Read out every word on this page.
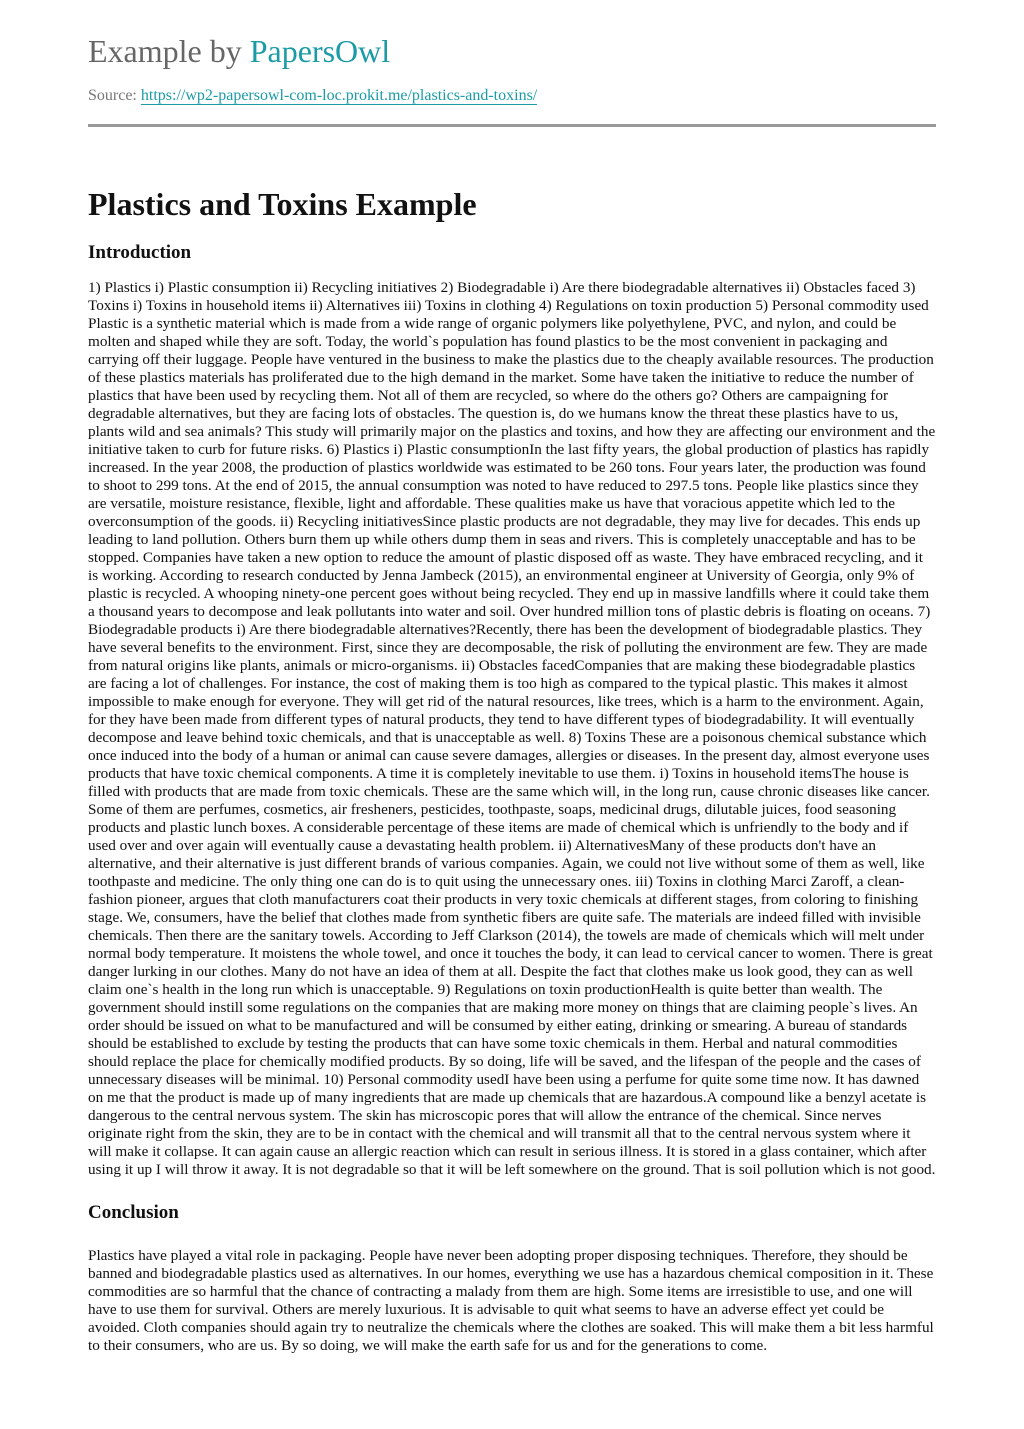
Example by PapersOwl
Source: https://wp2-papersowl-com-loc.prokit.me/plastics-and-toxins/
Plastics and Toxins Example
Introduction

1) Plastics i) Plastic consumption ii) Recycling initiatives 2) Biodegradable i) Are there biodegradable alternatives ii) Obstacles faced 3) Toxins i) Toxins in household items ii) Alternatives iii) Toxins in clothing 4) Regulations on toxin production 5) Personal commodity used Plastic is a synthetic material which is made from a wide range of organic polymers like polyethylene, PVC, and nylon, and could be molten and shaped while they are soft. Today, the world`s population has found plastics to be the most convenient in packaging and carrying off their luggage. People have ventured in the business to make the plastics due to the cheaply available resources. The production of these plastics materials has proliferated due to the high demand in the market. Some have taken the initiative to reduce the number of plastics that have been used by recycling them. Not all of them are recycled, so where do the others go? Others are campaigning for degradable alternatives, but they are facing lots of obstacles. The question is, do we humans know the threat these plastics have to us, plants wild and sea animals? This study will primarily major on the plastics and toxins, and how they are affecting our environment and the initiative taken to curb for future risks. 6) Plastics i) Plastic consumptionIn the last fifty years, the global production of plastics has rapidly increased. In the year 2008, the production of plastics worldwide was estimated to be 260 tons. Four years later, the production was found to shoot to 299 tons. At the end of 2015, the annual consumption was noted to have reduced to 297.5 tons. People like plastics since they are versatile, moisture resistance, flexible, light and affordable. These qualities make us have that voracious appetite which led to the overconsumption of the goods. ii) Recycling initiativesSince plastic products are not degradable, they may live for decades. This ends up leading to land pollution. Others burn them up while others dump them in seas and rivers. This is completely unacceptable and has to be stopped. Companies have taken a new option to reduce the amount of plastic disposed off as waste. They have embraced recycling, and it is working. According to research conducted by Jenna Jambeck (2015), an environmental engineer at University of Georgia, only 9% of plastic is recycled. A whooping ninety-one percent goes without being recycled. They end up in massive landfills where it could take them a thousand years to decompose and leak pollutants into water and soil. Over hundred million tons of plastic debris is floating on oceans. 7) Biodegradable products i) Are there biodegradable alternatives?Recently, there has been the development of biodegradable plastics. They have several benefits to the environment. First, since they are decomposable, the risk of polluting the environment are few. They are made from natural origins like plants, animals or micro-organisms. ii) Obstacles facedCompanies that are making these biodegradable plastics are facing a lot of challenges. For instance, the cost of making them is too high as compared to the typical plastic. This makes it almost impossible to make enough for everyone. They will get rid of the natural resources, like trees, which is a harm to the environment. Again, for they have been made from different types of natural products, they tend to have different types of biodegradability. It will eventually decompose and leave behind toxic chemicals, and that is unacceptable as well. 8) Toxins These are a poisonous chemical substance which once induced into the body of a human or animal can cause severe damages, allergies or diseases. In the present day, almost everyone uses products that have toxic chemical components. A time it is completely inevitable to use them. i) Toxins in household itemsThe house is filled with products that are made from toxic chemicals. These are the same which will, in the long run, cause chronic diseases like cancer. Some of them are perfumes, cosmetics, air fresheners, pesticides, toothpaste, soaps, medicinal drugs, dilutable juices, food seasoning products and plastic lunch boxes. A considerable percentage of these items are made of chemical which is unfriendly to the body and if used over and over again will eventually cause a devastating health problem. ii) AlternativesMany of these products don't have an alternative, and their alternative is just different brands of various companies. Again, we could not live without some of them as well, like toothpaste and medicine. The only thing one can do is to quit using the unnecessary ones. iii) Toxins in clothing Marci Zaroff, a clean-fashion pioneer, argues that cloth manufacturers coat their products in very toxic chemicals at different stages, from coloring to finishing stage. We, consumers, have the belief that clothes made from synthetic fibers are quite safe. The materials are indeed filled with invisible chemicals. Then there are the sanitary towels. According to Jeff Clarkson (2014), the towels are made of chemicals which will melt under normal body temperature. It moistens the whole towel, and once it touches the body, it can lead to cervical cancer to women. There is great danger lurking in our clothes. Many do not have an idea of them at all. Despite the fact that clothes make us look good, they can as well claim one`s health in the long run which is unacceptable. 9) Regulations on toxin productionHealth is quite better than wealth. The government should instill some regulations on the companies that are making more money on things that are claiming people`s lives. An order should be issued on what to be manufactured and will be consumed by either eating, drinking or smearing. A bureau of standards should be established to exclude by testing the products that can have some toxic chemicals in them. Herbal and natural commodities should replace the place for chemically modified products. By so doing, life will be saved, and the lifespan of the people and the cases of unnecessary diseases will be minimal. 10) Personal commodity usedI have been using a perfume for quite some time now. It has dawned on me that the product is made up of many ingredients that are made up chemicals that are hazardous.A compound like a benzyl acetate is dangerous to the central nervous system. The skin has microscopic pores that will allow the entrance of the chemical. Since nerves originate right from the skin, they are to be in contact with the chemical and will transmit all that to the central nervous system where it will make it collapse. It can again cause an allergic reaction which can result in serious illness. It is stored in a glass container, which after using it up I will throw it away. It is not degradable so that it will be left somewhere on the ground. That is soil pollution which is not good.

Conclusion

Plastics have played a vital role in packaging. People have never been adopting proper disposing techniques. Therefore, they should be banned and biodegradable plastics used as alternatives. In our homes, everything we use has a hazardous chemical composition in it. These commodities are so harmful that the chance of contracting a malady from them are high. Some items are irresistible to use, and one will have to use them for survival. Others are merely luxurious. It is advisable to quit what seems to have an adverse effect yet could be avoided. Cloth companies should again try to neutralize the chemicals where the clothes are soaked. This will make them a bit less harmful to their consumers, who are us. By so doing, we will make the earth safe for us and for the generations to come.
